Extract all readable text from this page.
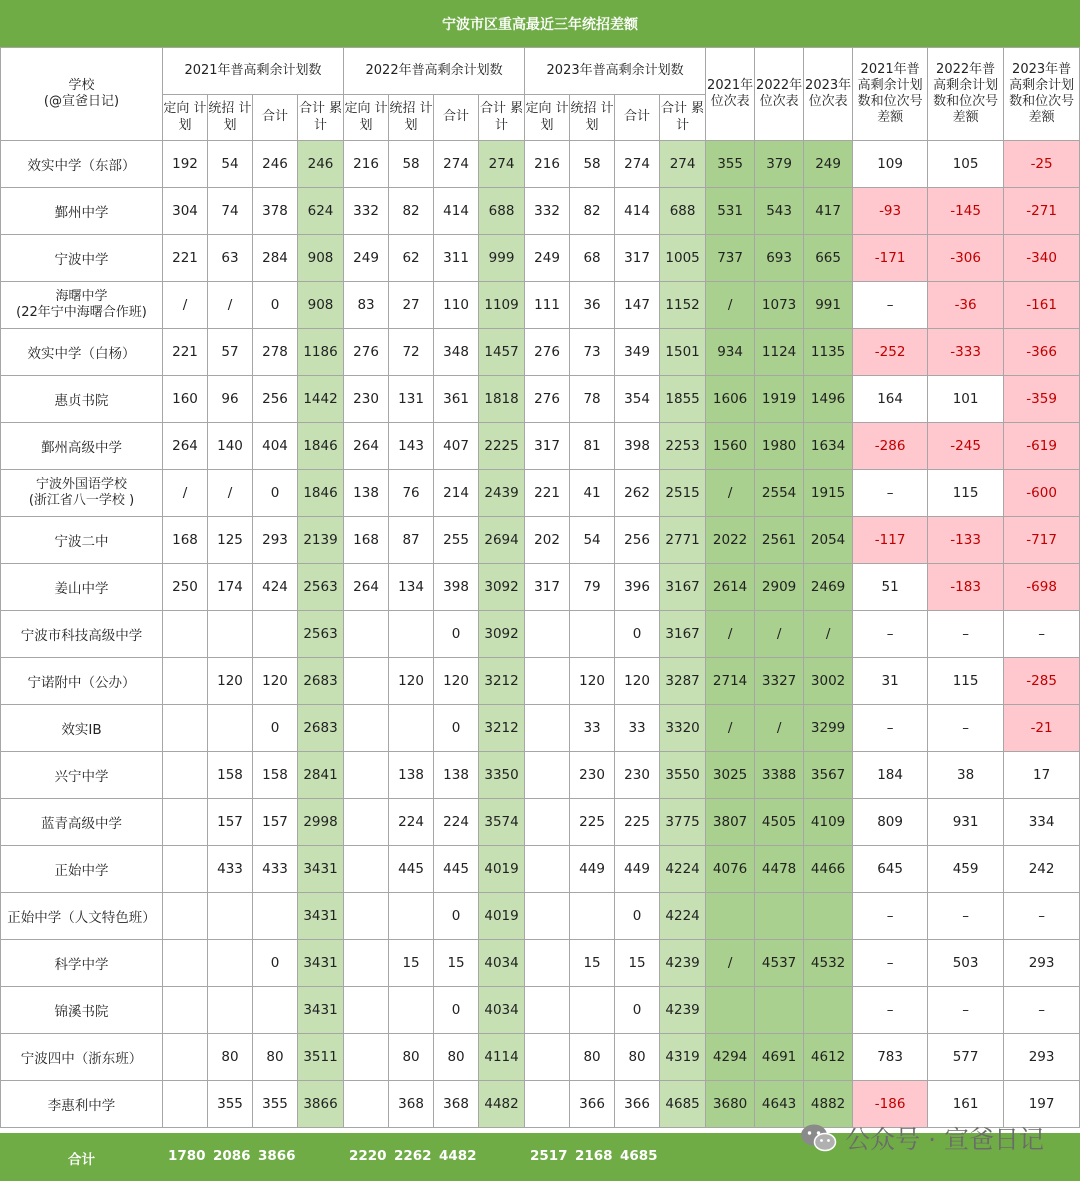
宁波市区重高最近三年统招差额
学校
(@宣爸日记)	2021年普高剩余计划数				2022年普高剩余计划数				2023年普高剩余计划数				2021年 位次表	2022年 位次表	2023年 位次表	2021年普 高剩余计划 数和位次号 差额	2022年普 高剩余计划 数和位次号 差额	2023年普 高剩余计划 数和位次号 差额
	定向 计划	统招 计划	合计	合计 累计	定向 计划	统招 计划	合计	合计 累计	定向 计划	统招 计划	合计	合计 累计						
效实中学（东部）	192	54	246	246	216	58	274	274	216	58	274	274	355	379	249	109	105	-25
鄞州中学	304	74	378	624	332	82	414	688	332	82	414	688	531	543	417	-93	-145	-271
宁波中学	221	63	284	908	249	62	311	999	249	68	317	1005	737	693	665	-171	-306	-340
海曙中学
(22年宁中海曙合作班)	/	/	0	908	83	27	110	1109	111	36	147	1152	/	1073	991	–	-36	-161
效实中学（白杨）	221	57	278	1186	276	72	348	1457	276	73	349	1501	934	1124	1135	-252	-333	-366
惠贞书院	160	96	256	1442	230	131	361	1818	276	78	354	1855	1606	1919	1496	164	101	-359
鄞州高级中学	264	140	404	1846	264	143	407	2225	317	81	398	2253	1560	1980	1634	-286	-245	-619
宁波外国语学校
(浙江省八一学校 )	/	/	0	1846	138	76	214	2439	221	41	262	2515	/	2554	1915	–	115	-600
宁波二中	168	125	293	2139	168	87	255	2694	202	54	256	2771	2022	2561	2054	-117	-133	-717
姜山中学	250	174	424	2563	264	134	398	3092	317	79	396	3167	2614	2909	2469	51	-183	-698
宁波市科技高级中学				2563			0	3092			0	3167	/	/	/	–	–	–
宁诺附中（公办）		120	120	2683		120	120	3212		120	120	3287	2714	3327	3002	31	115	-285
效实IB			0	2683			0	3212		33	33	3320	/	/	3299	–	–	-21
兴宁中学		158	158	2841		138	138	3350		230	230	3550	3025	3388	3567	184	38	17
蓝青高级中学		157	157	2998		224	224	3574		225	225	3775	3807	4505	4109	809	931	334
正始中学		433	433	3431		445	445	4019		449	449	4224	4076	4478	4466	645	459	242
正始中学（人文特色班）				3431			0	4019			0	4224				–	–	–
科学中学			0	3431		15	15	4034		15	15	4239	/	4537	4532	–	503	293
锦溪书院				3431			0	4034			0	4239				–	–	–
宁波四中（浙东班）		80	80	3511		80	80	4114		80	80	4319	4294	4691	4612	783	577	293
李惠利中学		355	355	3866		368	368	4482		366	366	4685	3680	4643	4882	-186	161	197
合计	1780 2086 3866	2220 2262 4482	2517 2168 4685
公众号 · 宣爸日记
